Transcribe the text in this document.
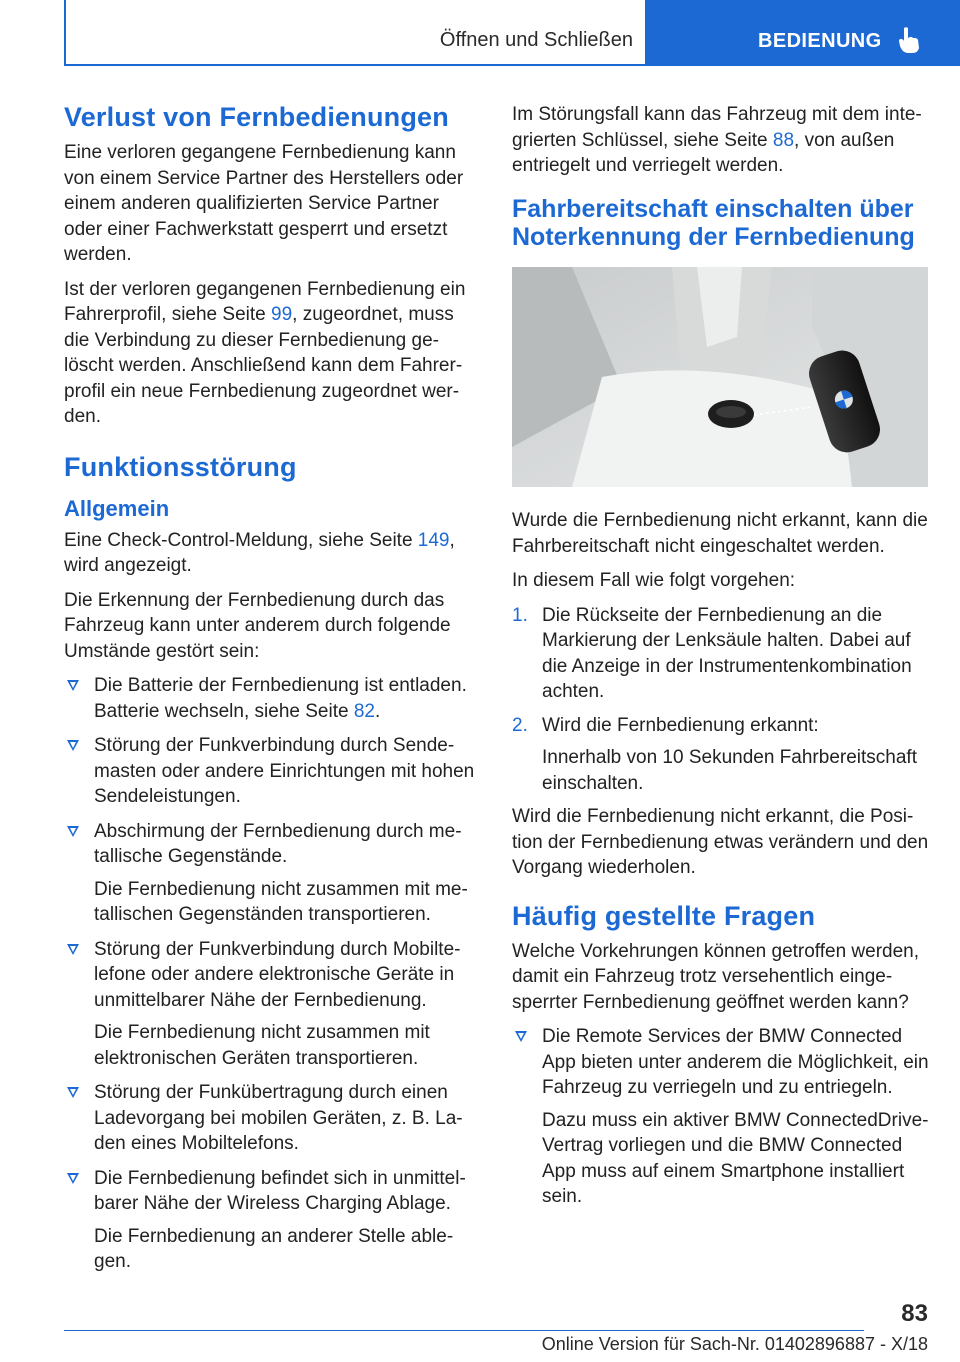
Öffnen und Schließen	BEDIENUNG
Verlust von Fernbedienungen

Eine verloren gegangene Fernbedienung kann von einem Service Partner des Herstellers oder einem anderen qualifizierten Service Partner oder einer Fachwerkstatt gesperrt und ersetzt werden.

Ist der verloren gegangenen Fernbedienung ein Fahrerprofil, siehe Seite 99, zugeordnet, muss die Verbindung zu dieser Fernbedienung gelöscht werden. Anschließend kann dem Fahrerprofil ein neue Fernbedienung zugeordnet werden.

Funktionsstörung
Allgemein

Eine Check-Control-Meldung, siehe Seite 149, wird angezeigt.

Die Erkennung der Fernbedienung durch das Fahrzeug kann unter anderem durch folgende Umstände gestört sein:

Die Batterie der Fernbedienung ist entladen. Batterie wechseln, siehe Seite 82.
Störung der Funkverbindung durch Sendemasten oder andere Einrichtungen mit hohen Sendeleistungen.
Abschirmung der Fernbedienung durch metallische Gegenstände.
Die Fernbedienung nicht zusammen mit metallischen Gegenständen transportieren.
Störung der Funkverbindung durch Mobiltelefone oder andere elektronische Geräte in unmittelbarer Nähe der Fernbedienung.
Die Fernbedienung nicht zusammen mit elektronischen Geräten transportieren.
Störung der Funkübertragung durch einen Ladevorgang bei mobilen Geräten, z. B. Laden eines Mobiltelefons.
Die Fernbedienung befindet sich in unmittelbarer Nähe der Wireless Charging Ablage.
Die Fernbedienung an anderer Stelle ablegen.

Im Störungsfall kann das Fahrzeug mit dem integrierten Schlüssel, siehe Seite 88, von außen entriegelt und verriegelt werden.

Fahrbereitschaft einschalten über Noterkennung der Fernbedienung

Wurde die Fernbedienung nicht erkannt, kann die Fahrbereitschaft nicht eingeschaltet werden.

In diesem Fall wie folgt vorgehen:

1. Die Rückseite der Fernbedienung an die Markierung der Lenksäule halten. Dabei auf die Anzeige in der Instrumentenkombination achten.
2. Wird die Fernbedienung erkannt:
Innerhalb von 10 Sekunden Fahrbereitschaft einschalten.

Wird die Fernbedienung nicht erkannt, die Position der Fernbedienung etwas verändern und den Vorgang wiederholen.

Häufig gestellte Fragen

Welche Vorkehrungen können getroffen werden, damit ein Fahrzeug trotz versehentlich eingesperrter Fernbedienung geöffnet werden kann?

Die Remote Services der BMW Connected App bieten unter anderem die Möglichkeit, ein Fahrzeug zu verriegeln und zu entriegeln.
Dazu muss ein aktiver BMW ConnectedDrive-Vertrag vorliegen und die BMW Connected App muss auf einem Smartphone installiert sein.
83
Online Version für Sach-Nr. 01402896887 - X/18
